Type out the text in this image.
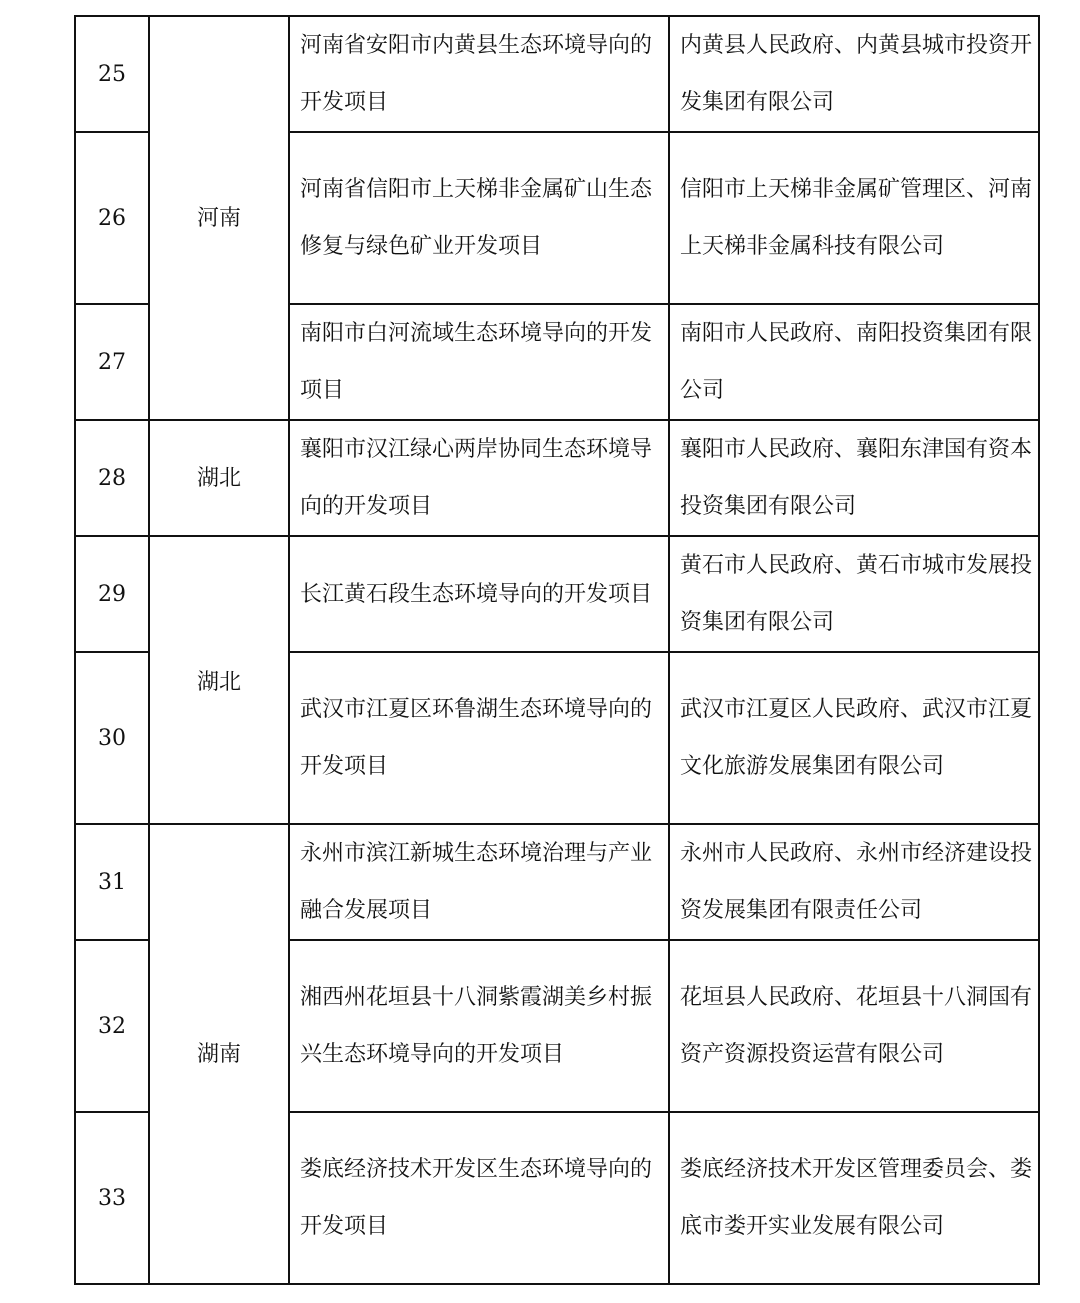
25	河南	河南省安阳市内黄县生态环境导向的开发项目	内黄县人民政府、内黄县城市投资开发集团有限公司

26		河南省信阳市上天梯非金属矿山生态修复与绿色矿业开发项目	信阳市上天梯非金属矿管理区、河南上天梯非金属科技有限公司

27		南阳市白河流域生态环境导向的开发项目	南阳市人民政府、南阳投资集团有限公司

28	湖北	襄阳市汉江绿心两岸协同生态环境导向的开发项目	襄阳市人民政府、襄阳东津国有资本投资集团有限公司

29	湖北	长江黄石段生态环境导向的开发项目	黄石市人民政府、黄石市城市发展投资集团有限公司

30		武汉市江夏区环鲁湖生态环境导向的开发项目	武汉市江夏区人民政府、武汉市江夏文化旅游发展集团有限公司

31	湖南	永州市滨江新城生态环境治理与产业融合发展项目	永州市人民政府、永州市经济建设投资发展集团有限责任公司

32		湘西州花垣县十八洞紫霞湖美乡村振兴生态环境导向的开发项目	花垣县人民政府、花垣县十八洞国有资产资源投资运营有限公司

33		娄底经济技术开发区生态环境导向的开发项目	娄底经济技术开发区管理委员会、娄底市娄开实业发展有限公司
